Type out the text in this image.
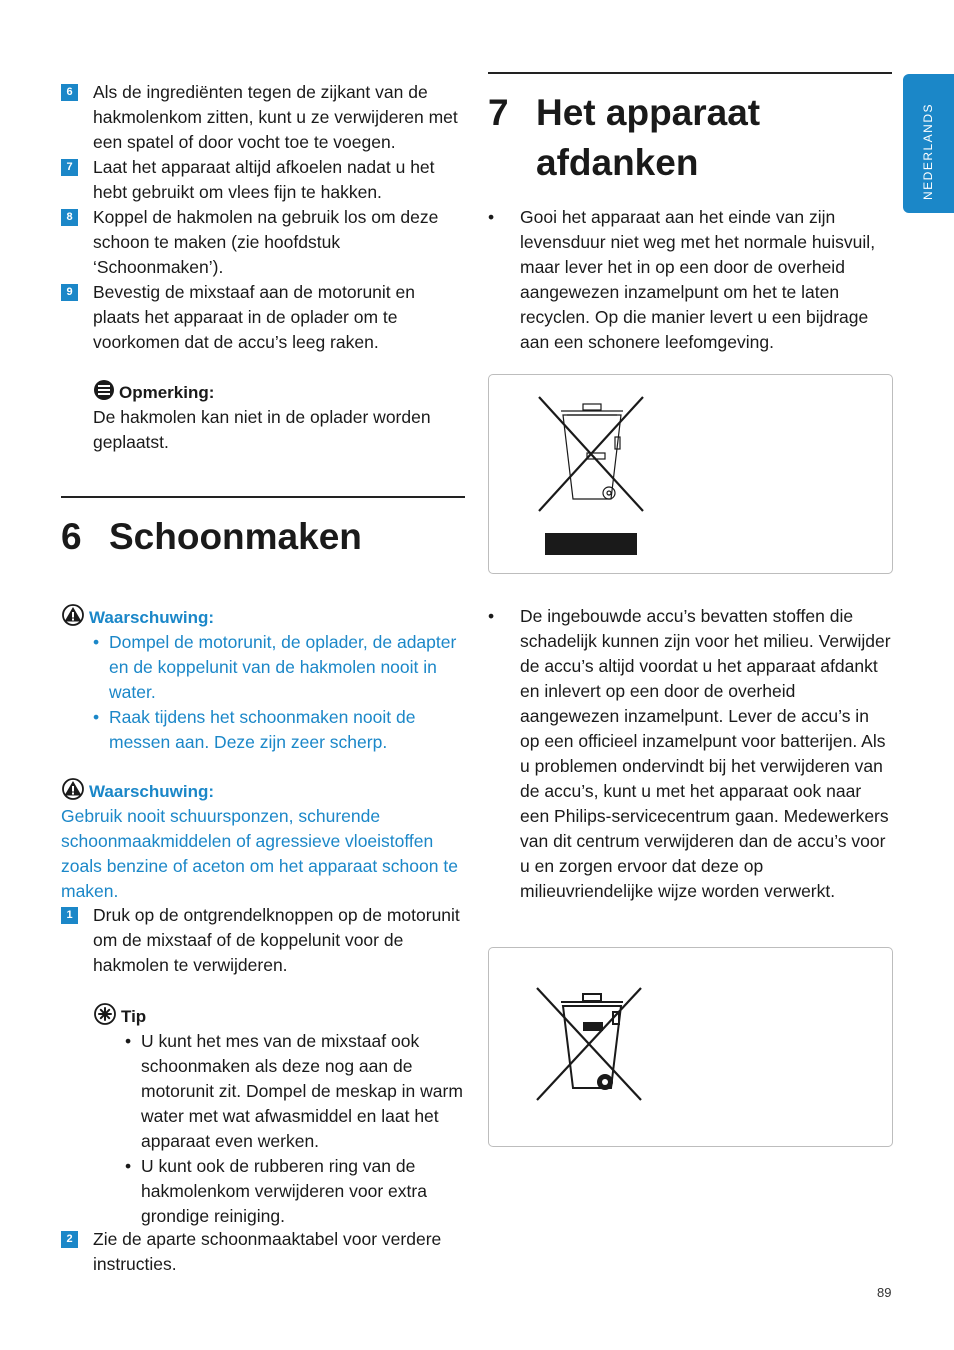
NEDERLANDS
6	Als de ingrediënten tegen de zijkant van de hakmolenkom zitten, kunt u ze verwijderen met een spatel of door vocht toe te voegen.
7	Laat het apparaat altijd afkoelen nadat u het hebt gebruikt om vlees fijn te hakken.
8	Koppel de hakmolen na gebruik los om deze schoon te maken (zie hoofdstuk ‘Schoonmaken’).
9	Bevestig de mixstaaf aan de motorunit en plaats het apparaat in de oplader om te voorkomen dat de accu’s leeg raken.
Opmerking:

De hakmolen kan niet in de oplader worden geplaatst.

6 Schoonmaken
Waarschuwing:
• Dompel de motorunit, de oplader, de adapter en de koppelunit van de hakmolen nooit in water.
• Raak tijdens het schoonmaken nooit de messen aan. Deze zijn zeer scherp.
Waarschuwing:

Gebruik nooit schuursponzen, schurende schoonmaakmiddelen of agressieve vloeistoffen zoals benzine of aceton om het apparaat schoon te maken.

1	Druk op de ontgrendelknoppen op de motorunit om de mixstaaf of de koppelunit voor de hakmolen te verwijderen.
Tip
• U kunt het mes van de mixstaaf ook schoonmaken als deze nog aan de motorunit zit. Dompel de meskap in warm water met wat afwasmiddel en laat het apparaat even werken.
• U kunt ook de rubberen ring van de hakmolenkom verwijderen voor extra grondige reiniging.
2	Zie de aparte schoonmaaktabel voor verdere instructies.
7 Het apparaat afdanken
• Gooi het apparaat aan het einde van zijn levensduur niet weg met het normale huisvuil, maar lever het in op een door de overheid aangewezen inzamelpunt om het te laten recyclen. Op die manier levert u een bijdrage aan een schonere leefomgeving.
• De ingebouwde accu’s bevatten stoffen die schadelijk kunnen zijn voor het milieu. Verwijder de accu’s altijd voordat u het apparaat afdankt en inlevert op een door de overheid aangewezen inzamelpunt. Lever de accu’s in op een officieel inzamelpunt voor batterijen. Als u problemen ondervindt bij het verwijderen van de accu’s, kunt u met het apparaat ook naar een Philips-servicecentrum gaan. Medewerkers van dit centrum verwijderen dan de accu’s voor u en zorgen ervoor dat deze op milieuvriendelijke wijze worden verwerkt.
89
